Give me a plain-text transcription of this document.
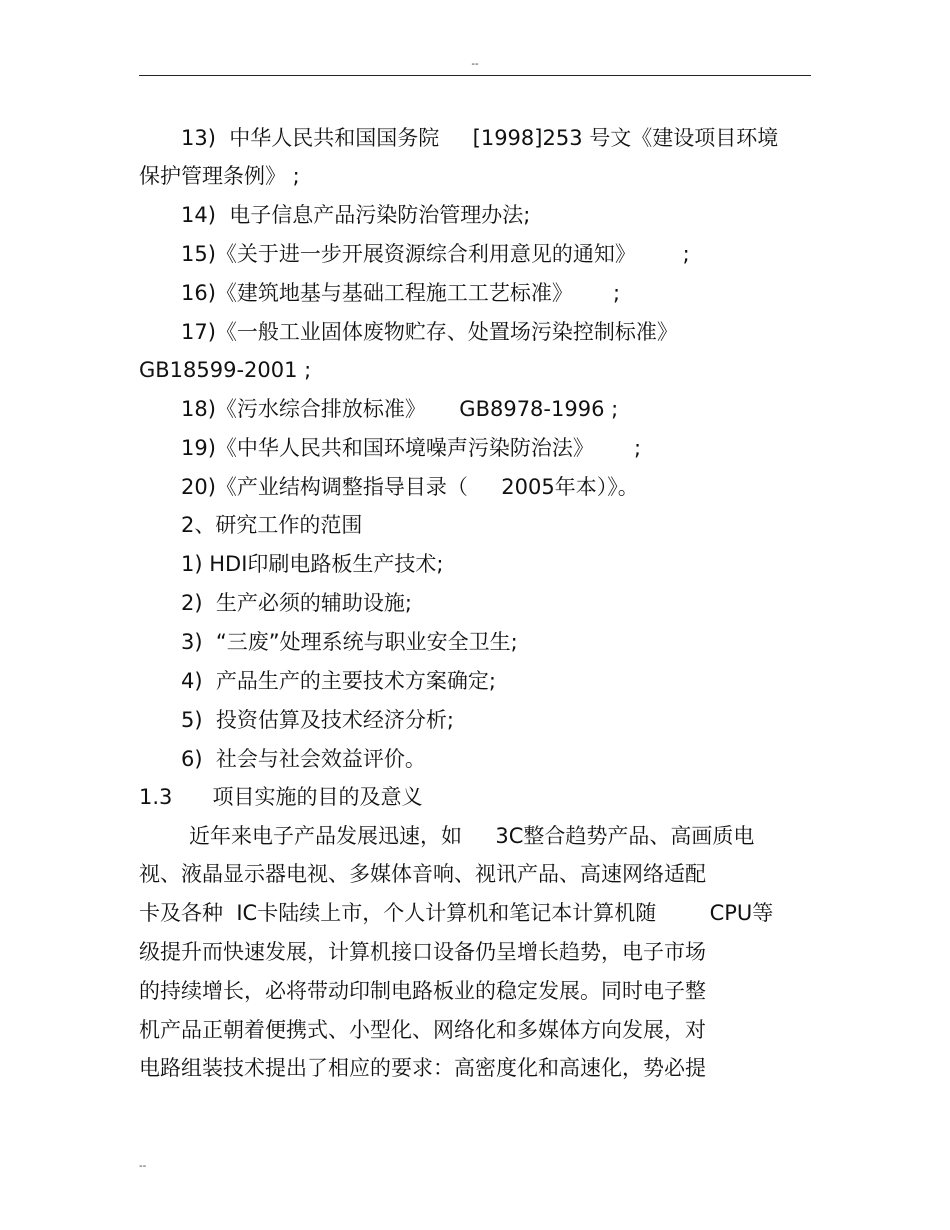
--
13)  中华人民共和国国务院     [1998]253 号文《建设项目环境
保护管理条例》 ;
14)  电子信息产品污染防治管理办法;
15)《关于进一步开展资源综合利用意见的通知》       ;
16)《建筑地基与基础工程施工工艺标准》      ;
17)《一般工业固体废物贮存、处置场污染控制标准》
GB18599-2001 ;
18)《污水综合排放标准》     GB8978-1996 ;
19)《中华人民共和国环境噪声污染防治法》      ;
20)《产业结构调整指导目录（     2005年本）》。
2、研究工作的范围
1) HDI印刷电路板生产技术;
2)  生产必须的辅助设施;
3)  “三废”处理系统与职业安全卫生;
4)  产品生产的主要技术方案确定;
5)  投资估算及技术经济分析;
6)  社会与社会效益评价。
1.3      项目实施的目的及意义
近年来电子产品发展迅速，如     3C整合趋势产品、高画质电
视、液晶显示器电视、多媒体音响、视讯产品、高速网络适配
卡及各种  IC卡陆续上市，个人计算机和笔记本计算机随        CPU等
级提升而快速发展，计算机接口设备仍呈增长趋势，电子市场
的持续增长，必将带动印制电路板业的稳定发展。同时电子整
机产品正朝着便携式、小型化、网络化和多媒体方向发展，对
电路组装技术提出了相应的要求：高密度化和高速化，势必提
--
